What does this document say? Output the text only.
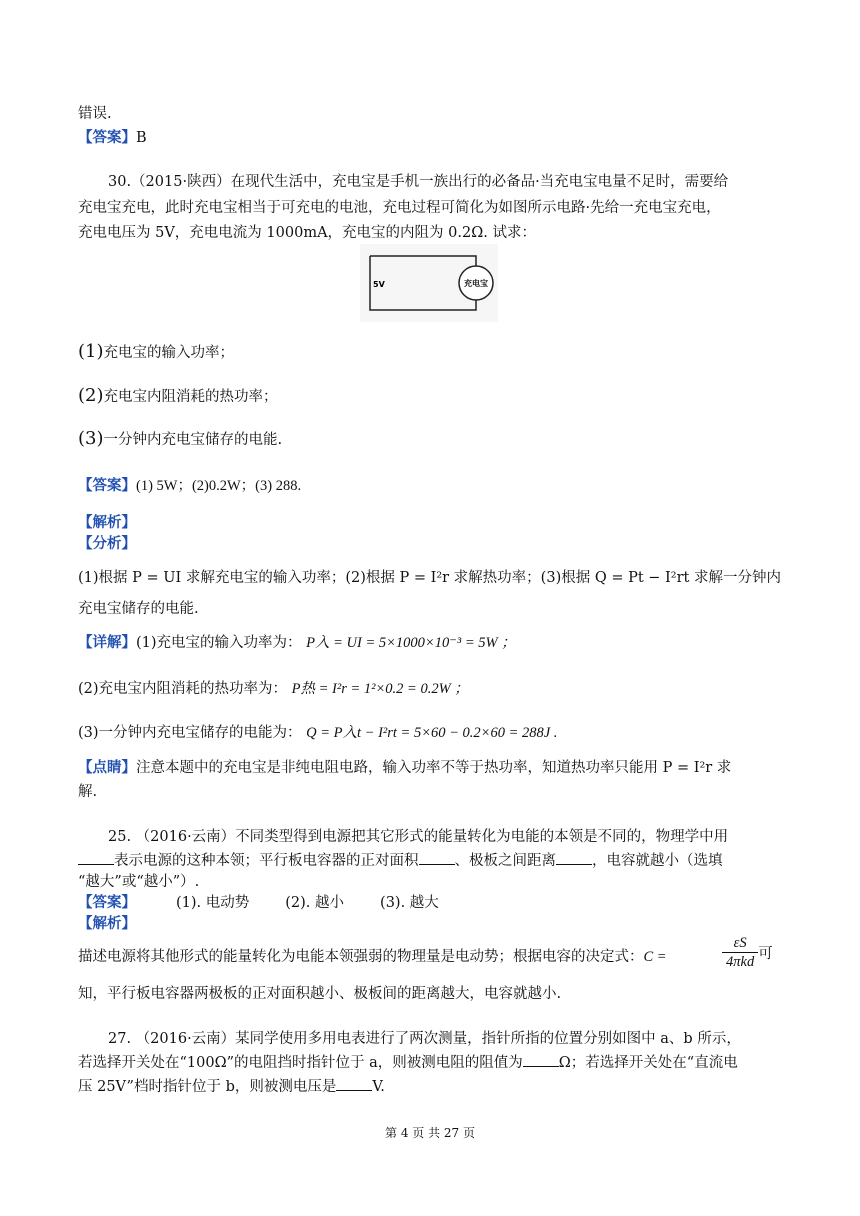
错误.
【答案】B
30.（2015·陕西）在现代生活中，充电宝是手机一族出行的必备品·当充电宝电量不足时，需要给
充电宝充电，此时充电宝相当于可充电的电池，充电过程可简化为如图所示电路·先给一充电宝充电，
充电电压为 5V，充电电流为 1000mA，充电宝的内阻为 0.2Ω. 试求：
5V	充电宝
(1)充电宝的输入功率；
(2)充电宝内阻消耗的热功率；
(3)一分钟内充电宝储存的电能.
【答案】(1) 5W；(2)0.2W；(3) 288.
【解析】
【分析】
(1)根据 P = UI 求解充电宝的输入功率；(2)根据 P = I²r 求解热功率；(3)根据 Q = Pt − I²rt 求解一分钟内
充电宝储存的电能.
【详解】(1)充电宝的输入功率为： P入 = UI = 5×1000×10⁻³ = 5W ；
(2)充电宝内阻消耗的热功率为： P热 = I²r = 1²×0.2 = 0.2W ；
(3)一分钟内充电宝储存的电能为： Q = P入t − I²rt = 5×60 − 0.2×60 = 288J .
【点睛】注意本题中的充电宝是非纯电阻电路，输入功率不等于热功率，知道热功率只能用 P = I²r 求
解.
25. （2016·云南）不同类型得到电源把其它形式的能量转化为电能的本领是不同的，物理学中用
表示电源的这种本领；平行板电容器的正对面积 、极板之间距离 ，电容就越小（选填
“越大”或“越小”）.
【答案】	(1). 电动势 (2). 越小 (3). 越大
【解析】
描述电源将其他形式的能量转化为电能本领强弱的物理量是电动势；根据电容的决定式：C =	$\frac{\varepsilon S}{\text{4πkd}}$ 可
知，平行板电容器两极板的正对面积越小、极板间的距离越大，电容就越小.
27. （2016·云南）某同学使用多用电表进行了两次测量，指针所指的位置分别如图中 a、b 所示，
若选择开关处在“100Ω”的电阻挡时指针位于 a，则被测电阻的阻值为 Ω；若选择开关处在“直流电
压 25V”档时指针位于 b，则被测电压是 V.
第 4 页 共 27 页
